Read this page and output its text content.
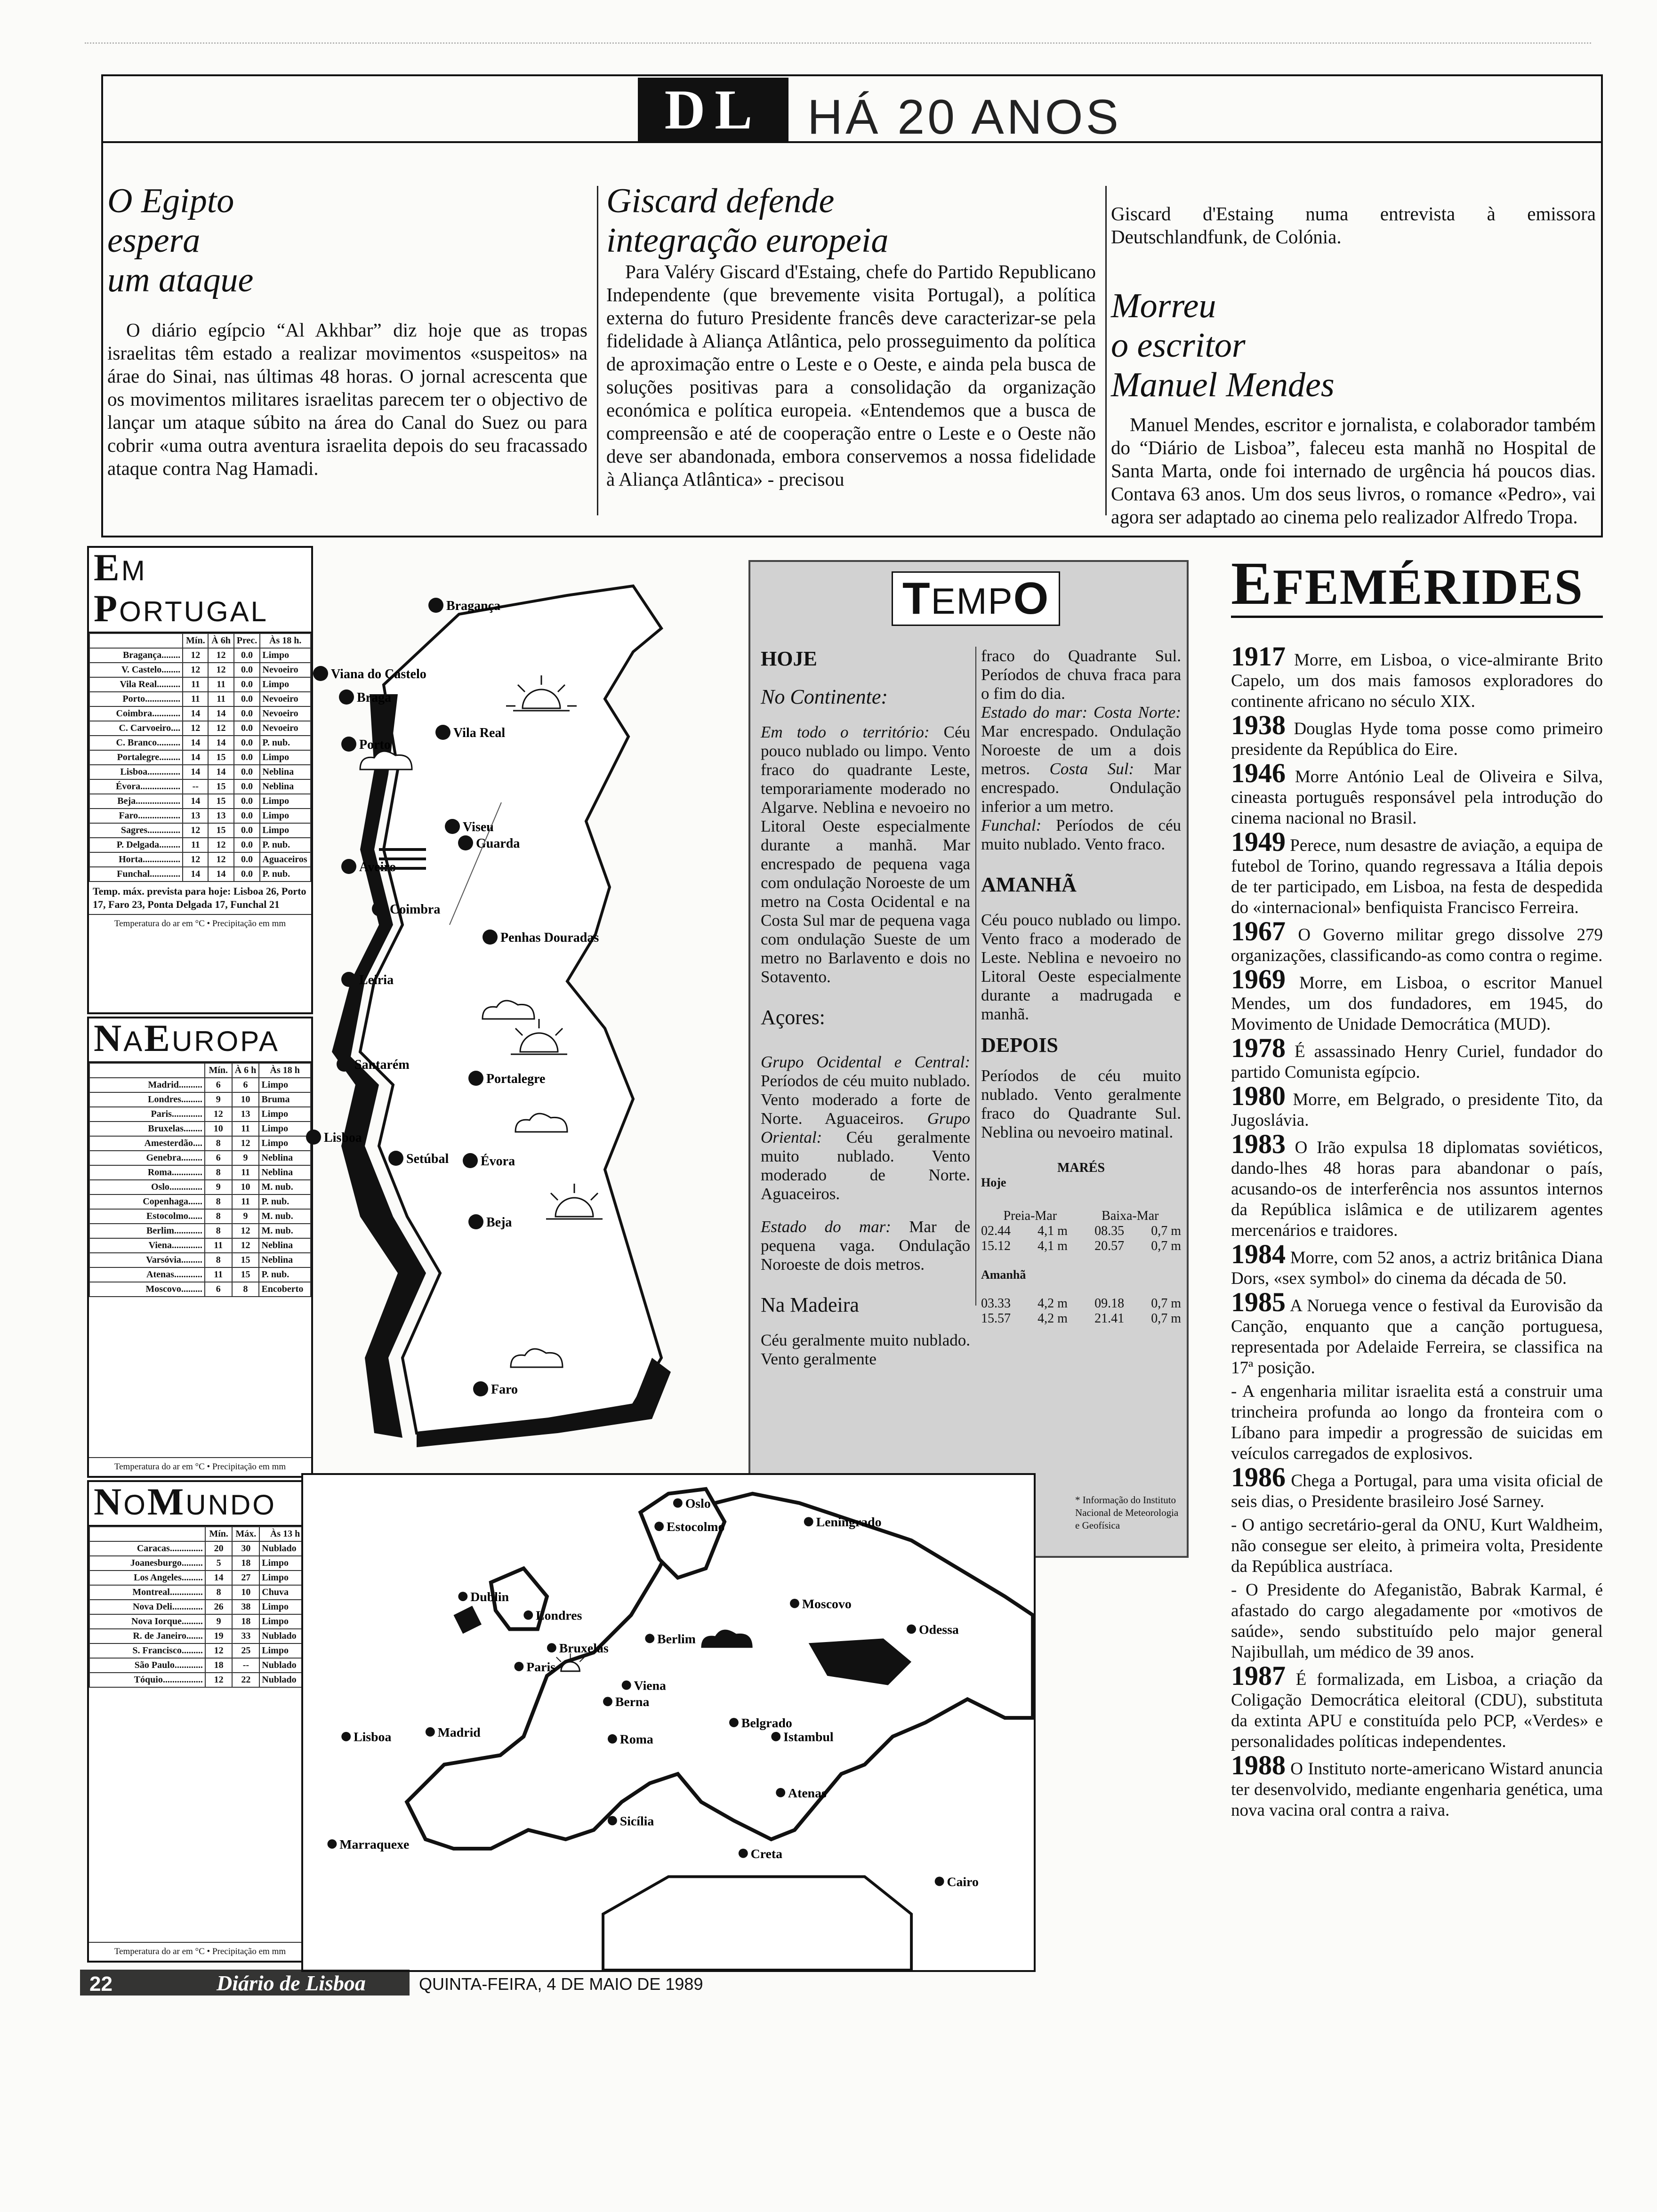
DL HÁ 20 ANOS
O Egipto
espera
um ataque

O diário egípcio “Al Akhbar” diz hoje que as tropas israelitas têm estado a realizar movimentos «suspeitos» na árae do Sinai, nas últimas 48 horas. O jornal acrescenta que os movimentos militares israelitas parecem ter o objectivo de lançar um ataque súbito na área do Canal do Suez ou para cobrir «uma outra aventura israelita depois do seu fracassado ataque contra Nag Hamadi.

Giscard defende
integração europeia

Para Valéry Giscard d'Estaing, chefe do Partido Republicano Independente (que brevemente visita Portugal), a política externa do futuro Presidente francês deve caracterizar-se pela fidelidade à Aliança Atlântica, pelo prosseguimento da política de aproximação entre o Leste e o Oeste, e ainda pela busca de soluções positivas para a consolidação da organização económica e política europeia. «Entendemos que a busca de compreensão e até de cooperação entre o Leste e o Oeste não deve ser abandonada, embora conservemos a nossa fidelidade à Aliança Atlântica» - precisou

Giscard d'Estaing numa entrevista à emissora Deutschlandfunk, de Colónia.

Morreu
o escritor
Manuel Mendes

Manuel Mendes, escritor e jornalista, e colaborador também do “Diário de Lisboa”, faleceu esta manhã no Hospital de Santa Marta, onde foi internado de urgência há poucos dias. Contava 63 anos. Um dos seus livros, o romance «Pedro», vai agora ser adaptado ao cinema pelo realizador Alfredo Tropa.

EM PORTUGAL
	Mín.	À 6h	Prec.	Às 18 h.
Bragança........	12	12	0.0	Limpo
V. Castelo........	12	12	0.0	Nevoeiro
Vila Real..........	11	11	0.0	Limpo
Porto...............	11	11	0.0	Nevoeiro
Coimbra............	14	14	0.0	Nevoeiro
C. Carvoeiro....	12	12	0.0	Nevoeiro
C. Branco..........	14	14	0.0	P. nub.
Portalegre.........	14	15	0.0	Limpo
Lisboa..............	14	14	0.0	Neblina
Évora.................	--	15	0.0	Neblina
Beja...................	14	15	0.0	Limpo
Faro..................	13	13	0.0	Limpo
Sagres..............	12	15	0.0	Limpo
P. Delgada.........	11	12	0.0	P. nub.
Horta................	12	12	0.0	Aguaceiros
Funchal.............	14	14	0.0	P. nub.
Temp. máx. prevista para hoje: Lisboa 26, Porto 17, Faro 23, Ponta Delgada 17, Funchal 21
Temperatura do ar em °C • Precipitação em mm
NAEUROPA
	Mín.	À 6 h	Às 18 h
Madrid..........	6	6	Limpo
Londres.........	9	10	Bruma
Paris.............	12	13	Limpo
Bruxelas........	10	11	Limpo
Amesterdão....	8	12	Limpo
Genebra.........	6	9	Neblina
Roma.............	8	11	Neblina
Oslo..............	9	10	M. nub.
Copenhaga......	8	11	P. nub.
Estocolmo......	8	9	M. nub.
Berlim............	8	12	M. nub.
Viena.............	11	12	Neblina
Varsóvia.........	8	15	Neblina
Atenas............	11	15	P. nub.
Moscovo.........	6	8	Encoberto
Temperatura do ar em °C • Precipitação em mm
NOMUNDO
	Mín.	Máx.	Às 13 h
Caracas..............	20	30	Nublado
Joanesburgo.........	5	18	Limpo
Los Angeles.........	14	27	Limpo
Montreal..............	8	10	Chuva
Nova Deli.............	26	38	Limpo
Nova Iorque.........	9	18	Limpo
R. de Janeiro.......	19	33	Nublado
S. Francisco.........	12	25	Limpo
São Paulo............	18	--	Nublado
Tóquio.................	12	22	Nublado
Temperatura do ar em °C • Precipitação em mm
Viana do Castelo
Braga
Bragança
Vila Real
Porto
Viseu
Aveiro
Guarda
Coimbra
Penhas Douradas
Leiria
Santarém
Portalegre
Lisboa
Setúbal Évora
Beja
Faro
TEMPO
HOJE
No Continente:

Em todo o território: Céu pouco nublado ou limpo. Vento fraco do quadrante Leste, temporariamente moderado no Algarve. Neblina e nevoeiro no Litoral Oeste especialmente durante a manhã. Mar encrespado de pequena vaga com ondulação Noroeste de um metro na Costa Ocidental e na Costa Sul mar de pequena vaga com ondulação Sueste de um metro no Barlavento e dois no Sotavento.

Açores:

Grupo Ocidental e Central: Períodos de céu muito nublado. Vento moderado a forte de Norte. Aguaceiros. Grupo Oriental: Céu geralmente muito nublado. Vento moderado de Norte. Aguaceiros.

Estado do mar: Mar de pequena vaga. Ondulação Noroeste de dois metros.

Na Madeira

Céu geralmente muito nublado. Vento geralmente

fraco do Quadrante Sul. Períodos de chuva fraca para o fim do dia.

Estado do mar: Costa Norte: Mar encrespado. Ondulação Noroeste de um a dois metros. Costa Sul: Mar encrespado. Ondulação inferior a um metro.

Funchal: Períodos de céu muito nublado. Vento fraco.

AMANHÃ

Céu pouco nublado ou limpo. Vento fraco a moderado de Leste. Neblina e nevoeiro no Litoral Oeste especialmente durante a madrugada e manhã.

DEPOIS

Períodos de céu muito nublado. Vento geralmente fraco do Quadrante Sul. Neblina ou nevoeiro matinal.

MARÉS
Hoje
Preia-Mar	Baixa-Mar
02.44 4,1 m 08.35 0,7 m
15.12 4,1 m 20.57 0,7 m
Amanhã
03.33 4,2 m 09.18 0,7 m
15.57 4,2 m 21.41 0,7 m
* Informação do Instituto Nacional de Meteorologia e Geofísica
Oslo
Estocolmo	Leningrado
Dublin
Londres
Moscovo
Bruxelas
Berlim
Paris
Odessa
Viena
Berna
Lisboa	Madrid	Roma
Belgrado
Istambul
Atenas
Sicília
Marraquexe
Creta
Cairo
EFEMÉRIDES

1917 Morre, em Lisboa, o vice-almirante Brito Capelo, um dos mais famosos exploradores do continente africano no século XIX.

1938 Douglas Hyde toma posse como primeiro presidente da República do Eire.

1946 Morre António Leal de Oliveira e Silva, cineasta português responsável pela introdução do cinema nacional no Brasil.

1949 Perece, num desastre de aviação, a equipa de futebol de Torino, quando regressava a Itália depois de ter participado, em Lisboa, na festa de despedida do «internacional» benfiquista Francisco Ferreira.

1967 O Governo militar grego dissolve 279 organizações, classificando-as como contra o regime.

1969 Morre, em Lisboa, o escritor Manuel Mendes, um dos fundadores, em 1945, do Movimento de Unidade Democrática (MUD).

1978 É assassinado Henry Curiel, fundador do partido Comunista egípcio.

1980 Morre, em Belgrado, o presidente Tito, da Jugoslávia.

1983 O Irão expulsa 18 diplomatas soviéticos, dando-lhes 48 horas para abandonar o país, acusando-os de interferência nos assuntos internos da República islâmica e de utilizarem agentes mercenários e traidores.

1984 Morre, com 52 anos, a actriz britânica Diana Dors, «sex symbol» do cinema da década de 50.

1985 A Noruega vence o festival da Eurovisão da Canção, enquanto que a canção portuguesa, representada por Adelaide Ferreira, se classifica na 17ª posição.

- A engenharia militar israelita está a construir uma trincheira profunda ao longo da fronteira com o Líbano para impedir a progressão de suicidas em veículos carregados de explosivos.

1986 Chega a Portugal, para uma visita oficial de seis dias, o Presidente brasileiro José Sarney.

- O antigo secretário-geral da ONU, Kurt Waldheim, não consegue ser eleito, à primeira volta, Presidente da República austríaca.

- O Presidente do Afeganistão, Babrak Karmal, é afastado do cargo alegadamente por «motivos de saúde», sendo substituído pelo major general Najibullah, um médico de 39 anos.

1987 É formalizada, em Lisboa, a criação da Coligação Democrática eleitoral (CDU), substituta da extinta APU e constituída pelo PCP, «Verdes» e personalidades políticas independentes.

1988 O Instituto norte-americano Wistard anuncia ter desenvolvido, mediante engenharia genética, uma nova vacina oral contra a raiva.

22	Diário de Lisboa	QUINTA-FEIRA, 4 DE MAIO DE 1989
